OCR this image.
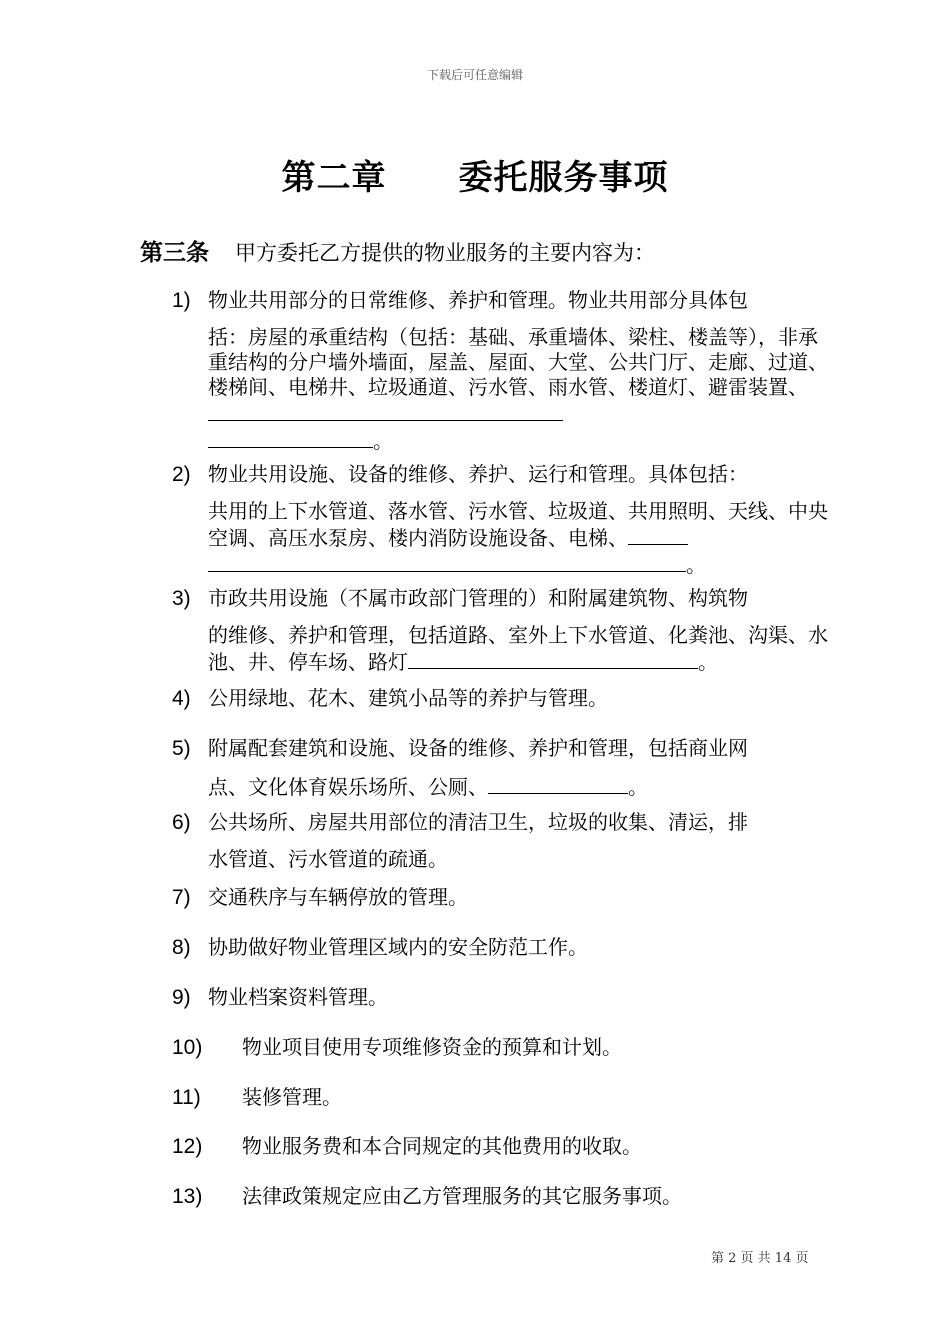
下载后可任意编辑
第二章 委托服务事项
第三条 甲方委托乙方提供的物业服务的主要内容为：
1) 物业共用部分的日常维修、养护和管理。物业共用部分具体包

括：房屋的承重结构（包括：基础、承重墙体、梁柱、楼盖等），非承重结构的分户墙外墙面，屋盖、屋面、大堂、公共门厅、走廊、过道、楼梯间、电梯井、垃圾通道、污水管、雨水管、楼道灯、避雷装置、
。

2) 物业共用设施、设备的维修、养护、运行和管理。具体包括：

共用的上下水管道、落水管、污水管、垃圾道、共用照明、天线、中央空调、高压水泵房、楼内消防设施设备、电梯、
。

3) 市政共用设施（不属市政部门管理的）和附属建筑物、构筑物

的维修、养护和管理，包括道路、室外上下水管道、化粪池、沟渠、水池、井、停车场、路灯	。

4) 公用绿地、花木、建筑小品等的养护与管理。

5) 附属配套建筑和设施、设备的维修、养护和管理，包括商业网

点、文化体育娱乐场所、公厕、	。

6) 公共场所、房屋共用部位的清洁卫生，垃圾的收集、清运，排

水管道、污水管道的疏通。

7) 交通秩序与车辆停放的管理。

8) 协助做好物业管理区域内的安全防范工作。

9) 物业档案资料管理。

10) 物业项目使用专项维修资金的预算和计划。

11) 装修管理。

12) 物业服务费和本合同规定的其他费用的收取。

13) 法律政策规定应由乙方管理服务的其它服务事项。

第 2 页 共 14 页
